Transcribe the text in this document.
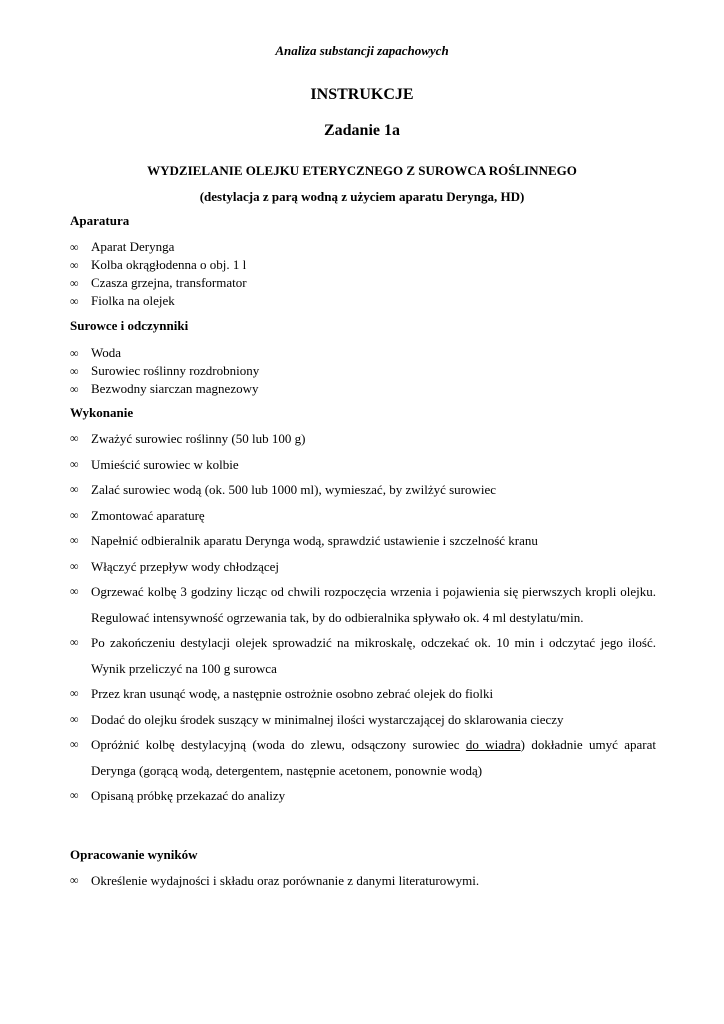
Analiza substancji zapachowych
INSTRUKCJE
Zadanie 1a
WYDZIELANIE OLEJKU ETERYCZNEGO Z SUROWCA ROŚLINNEGO
(destylacja z parą wodną z użyciem aparatu Derynga, HD)
Aparatura
∞ Aparat Derynga
∞ Kolba okrągłodenna o obj. 1 l
∞ Czasza grzejna, transformator
∞ Fiolka na olejek
Surowce i odczynniki
∞ Woda
∞ Surowiec roślinny rozdrobniony
∞ Bezwodny siarczan magnezowy
Wykonanie
∞ Zważyć surowiec roślinny (50 lub 100 g)
∞ Umieścić surowiec w kolbie
∞ Zalać surowiec wodą (ok. 500 lub 1000 ml), wymieszać, by zwilżyć surowiec
∞ Zmontować aparaturę
∞ Napełnić odbieralnik aparatu Derynga wodą, sprawdzić ustawienie i szczelność kranu
∞ Włączyć przepływ wody chłodzącej
∞ Ogrzewać kolbę 3 godziny licząc od chwili rozpoczęcia wrzenia i pojawienia się pierwszych kropli olejku. Regulować intensywność ogrzewania tak, by do odbieralnika spływało ok. 4 ml destylatu/min.
∞ Po zakończeniu destylacji olejek sprowadzić na mikroskalę, odczekać ok. 10 min i odczytać jego ilość. Wynik przeliczyć na 100 g surowca
∞ Przez kran usunąć wodę, a następnie ostrożnie osobno zebrać olejek do fiolki
∞ Dodać do olejku środek suszący w minimalnej ilości wystarczającej do sklarowania cieczy
∞ Opróżnić kolbę destylacyjną (woda do zlewu, odsączony surowiec do wiadra) dokładnie umyć aparat Derynga (gorącą wodą, detergentem, następnie acetonem, ponownie wodą)
∞ Opisaną próbkę przekazać do analizy
Opracowanie wyników
∞ Określenie wydajności i składu oraz porównanie z danymi literaturowymi.
